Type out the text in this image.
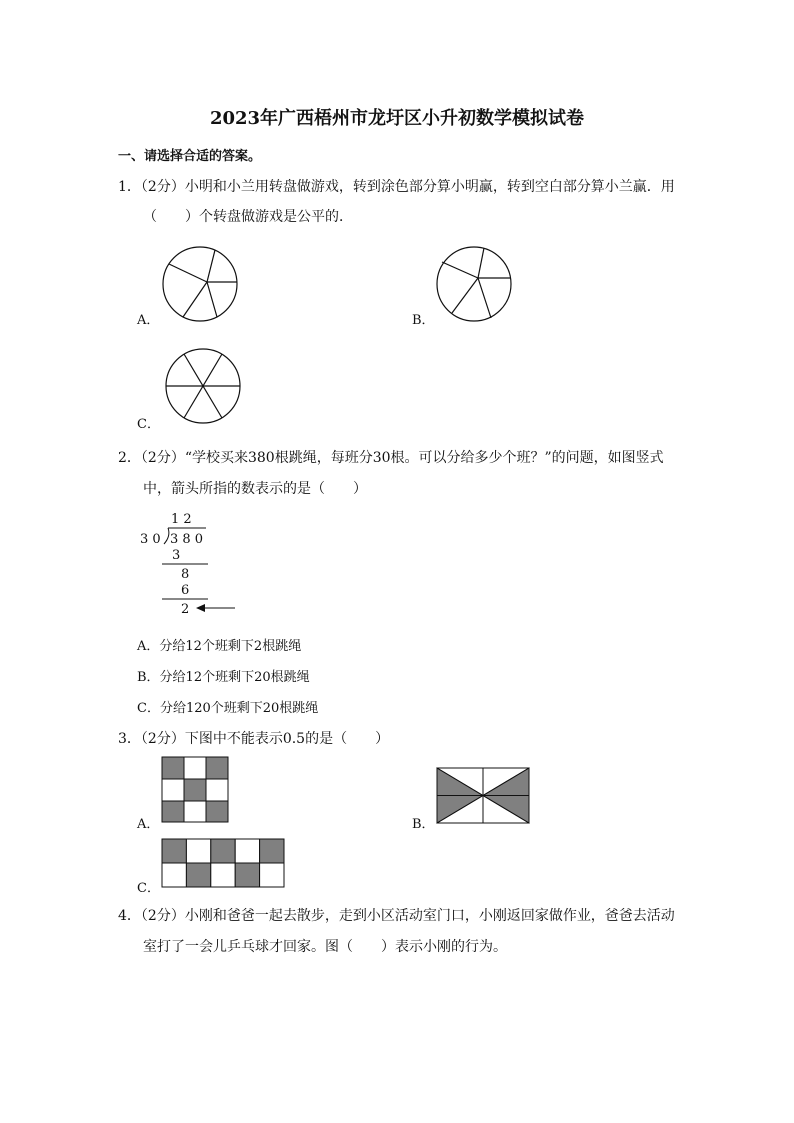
2023年广西梧州市龙圩区小升初数学模拟试卷
一、请选择合适的答案。
1．（2分）小明和小兰用转盘做游戏，转到涂色部分算小明赢，转到空白部分算小兰赢．用
（　　）个转盘做游戏是公平的．
A．	B．
C．
2．（2分）“学校买来380根跳绳，每班分30根。可以分给多少个班？”的问题，如图竖式
中，箭头所指的数表示的是（　　）
1 2
3 0 3 8 0
3
8
6
2
A．分给12个班剩下2根跳绳
B．分给12个班剩下20根跳绳
C．分给120个班剩下20根跳绳
3．（2分）下图中不能表示0.5的是（　　）
A．	B．
C．
4．（2分）小刚和爸爸一起去散步，走到小区活动室门口，小刚返回家做作业，爸爸去活动
室打了一会儿乒乓球才回家。图（　　）表示小刚的行为。
